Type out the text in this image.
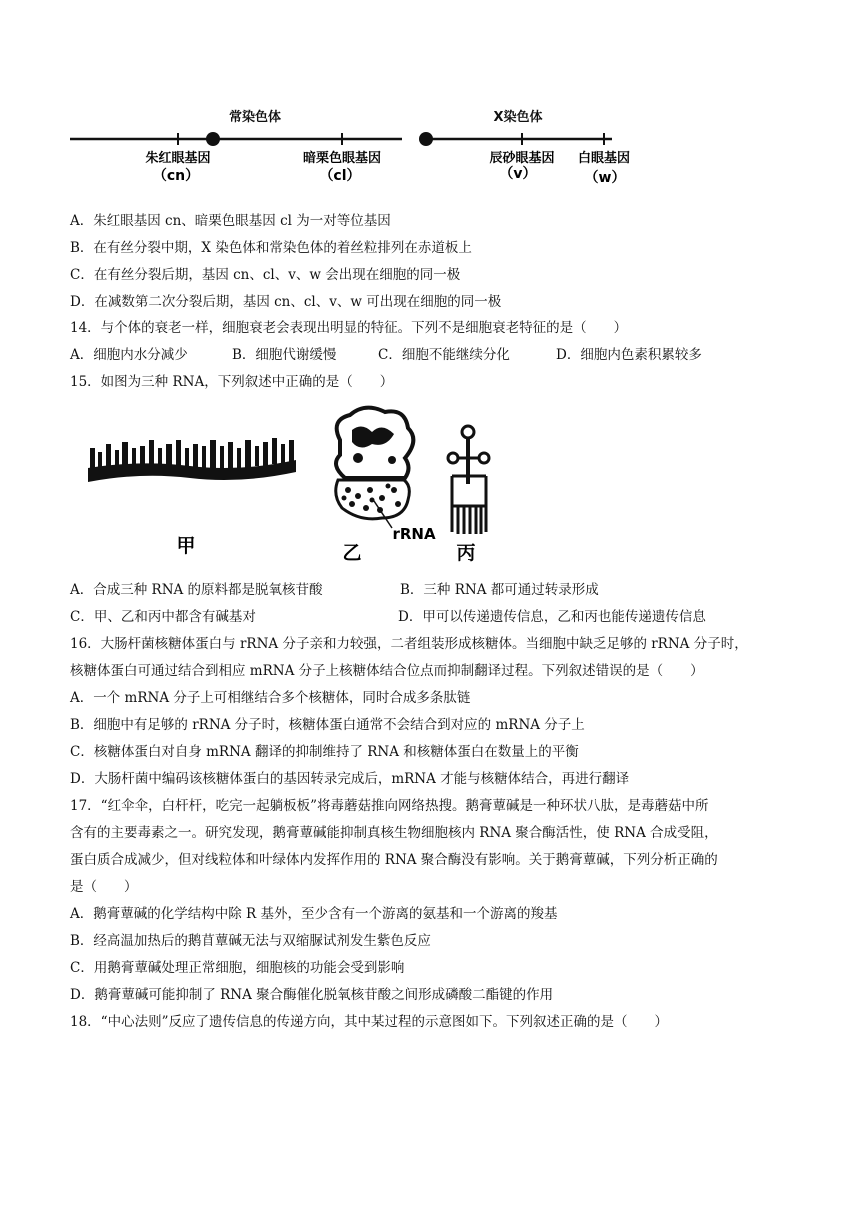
常染色体	X染色体
朱红眼基因
（cn）
暗栗色眼基因
（cl）
辰砂眼基因
（v）
白眼基因
（w）
A．朱红眼基因 cn、暗栗色眼基因 cl 为一对等位基因
B．在有丝分裂中期，X 染色体和常染色体的着丝粒排列在赤道板上
C．在有丝分裂后期，基因 cn、cl、v、w 会出现在细胞的同一极
D．在减数第二次分裂后期，基因 cn、cl、v、w 可出现在细胞的同一极
14．与个体的衰老一样，细胞衰老会表现出明显的特征。下列不是细胞衰老特征的是（　　）
A．细胞内水分减少	B．细胞代谢缓慢	C．细胞不能继续分化	D．细胞内色素积累较多
15．如图为三种 RNA，下列叙述中正确的是（　　）
甲
rRNA
乙	丙
A．合成三种 RNA 的原料都是脱氧核苷酸	B．三种 RNA 都可通过转录形成
C．甲、乙和丙中都含有碱基对	D．甲可以传递遗传信息，乙和丙也能传递遗传信息
16．大肠杆菌核糖体蛋白与 rRNA 分子亲和力较强，二者组装形成核糖体。当细胞中缺乏足够的 rRNA 分子时，
核糖体蛋白可通过结合到相应 mRNA 分子上核糖体结合位点而抑制翻译过程。下列叙述错误的是（　　）
A．一个 mRNA 分子上可相继结合多个核糖体，同时合成多条肽链
B．细胞中有足够的 rRNA 分子时，核糖体蛋白通常不会结合到对应的 mRNA 分子上
C．核糖体蛋白对自身 mRNA 翻译的抑制维持了 RNA 和核糖体蛋白在数量上的平衡
D．大肠杆菌中编码该核糖体蛋白的基因转录完成后，mRNA 才能与核糖体结合，再进行翻译
17．“红伞伞，白杆杆，吃完一起躺板板”将毒蘑菇推向网络热搜。鹅膏蕈碱是一种环状八肽，是毒蘑菇中所
含有的主要毒素之一。研究发现，鹅膏蕈碱能抑制真核生物细胞核内 RNA 聚合酶活性，使 RNA 合成受阻，
蛋白质合成减少，但对线粒体和叶绿体内发挥作用的 RNA 聚合酶没有影响。关于鹅膏蕈碱，下列分析正确的
是（　　）
A．鹅膏蕈碱的化学结构中除 R 基外，至少含有一个游离的氨基和一个游离的羧基
B．经高温加热后的鹅苜蕈碱无法与双缩脲试剂发生紫色反应
C．用鹅膏蕈碱处理正常细胞，细胞核的功能会受到影响
D．鹅膏蕈碱可能抑制了 RNA 聚合酶催化脱氧核苷酸之间形成磷酸二酯键的作用
18．“中心法则”反应了遗传信息的传递方向，其中某过程的示意图如下。下列叙述正确的是（　　）
